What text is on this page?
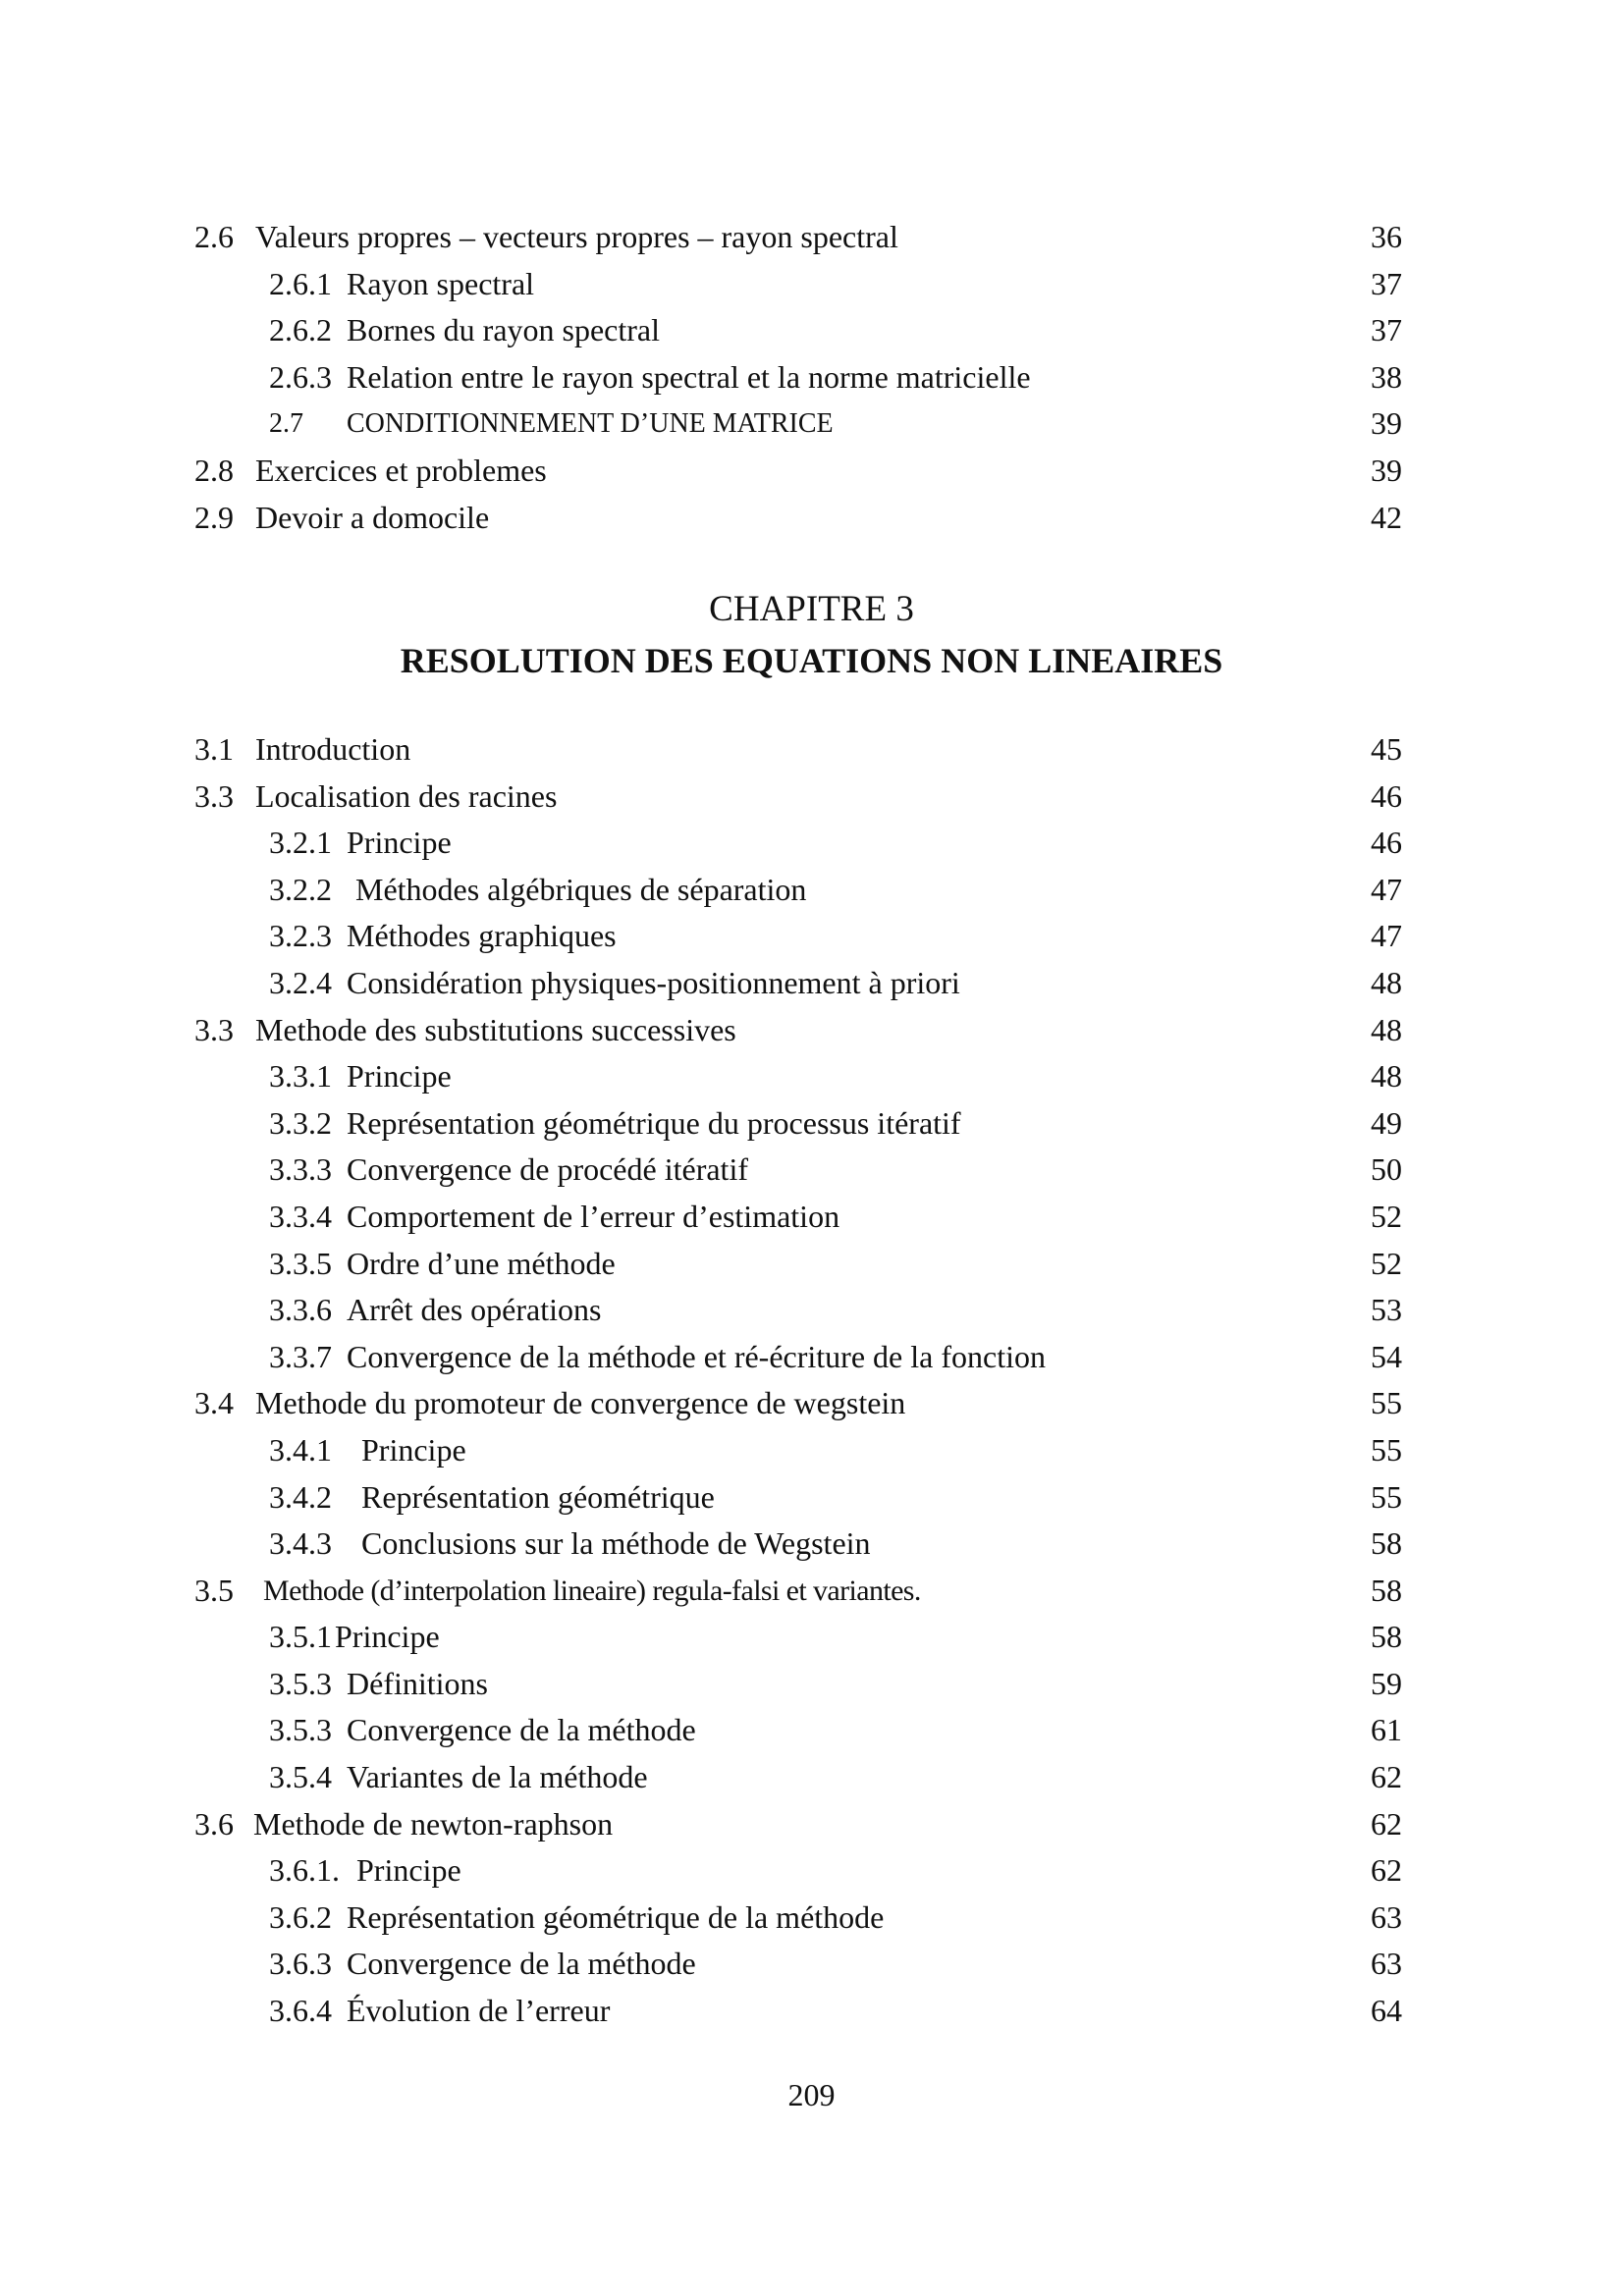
2.6 Valeurs propres – vecteurs propres – rayon spectral	36
2.6.1 Rayon spectral	37
2.6.2 Bornes du rayon spectral	37
2.6.3 Relation entre le rayon spectral et la norme matricielle	38
2.7 CONDITIONNEMENT D’UNE MATRICE	39
2.8 Exercices et problemes	39
2.9 Devoir a domocile	42
CHAPITRE 3
RESOLUTION DES EQUATIONS NON LINEAIRES
3.1 Introduction	45
3.3 Localisation des racines	46
3.2.1 Principe	46
3.2.2 Méthodes algébriques de séparation	47
3.2.3 Méthodes graphiques	47
3.2.4 Considération physiques-positionnement à priori	48
3.3 Methode des substitutions successives	48
3.3.1 Principe	48
3.3.2 Représentation géométrique du processus itératif	49
3.3.3 Convergence de procédé itératif	50
3.3.4 Comportement de l’erreur d’estimation	52
3.3.5 Ordre d’une méthode	52
3.3.6 Arrêt des opérations	53
3.3.7 Convergence de la méthode et ré-écriture de la fonction	54
3.4 Methode du promoteur de convergence de wegstein	55
3.4.1 Principe	55
3.4.2 Représentation géométrique	55
3.4.3 Conclusions sur la méthode de Wegstein	58
3.5 Methode (d’interpolation lineaire) regula-falsi et variantes.	58
3.5.1 Principe	58
3.5.3 Définitions	59
3.5.3 Convergence de la méthode	61
3.5.4 Variantes de la méthode	62
3.6 Methode de newton-raphson	62
3.6.1. Principe	62
3.6.2 Représentation géométrique de la méthode	63
3.6.3 Convergence de la méthode	63
3.6.4 Évolution de l’erreur	64
209
